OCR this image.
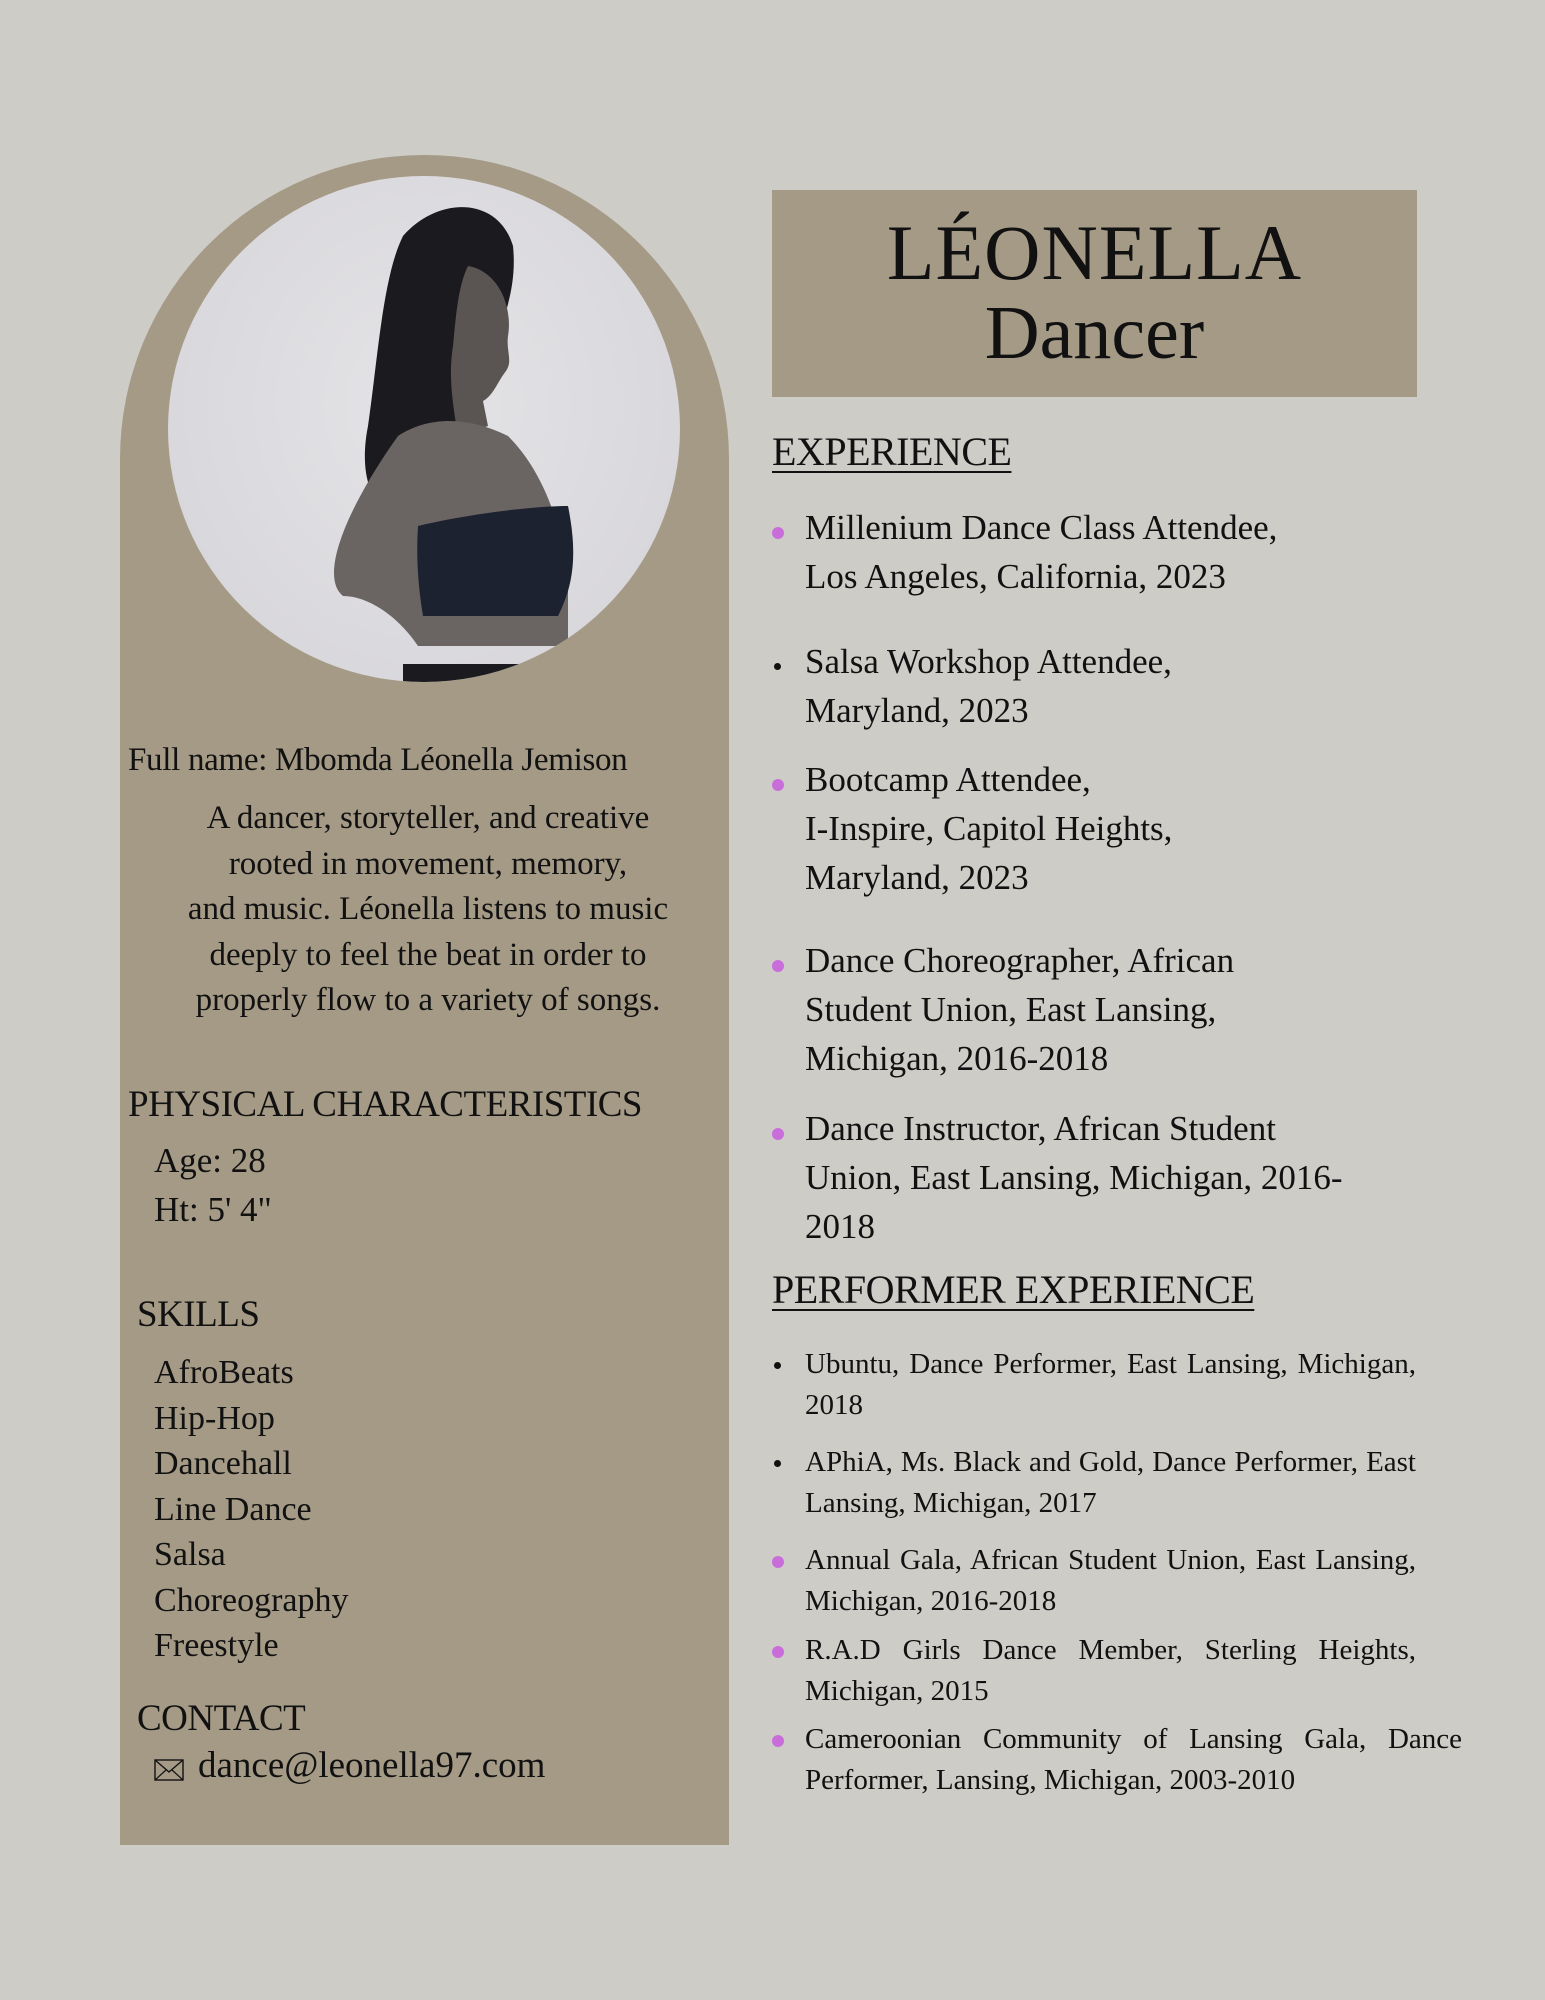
Full name: Mbomda Léonella Jemison
A dancer, storyteller, and creative
rooted in movement, memory,
and music. Léonella listens to music
deeply to feel the beat in order to
properly flow to a variety of songs.
PHYSICAL CHARACTERISTICS
Age: 28
Ht: 5' 4"
SKILLS
AfroBeats
Hip-Hop
Dancehall
Line Dance
Salsa
Choreography
Freestyle
CONTACT
dance@leonella97.com
LÉONELLA
Dancer
EXPERIENCE
Millenium Dance Class Attendee,
Los Angeles, California, 2023
Salsa Workshop Attendee,
Maryland, 2023
Bootcamp Attendee,
I-Inspire, Capitol Heights,
Maryland, 2023
Dance Choreographer, African
Student Union, East Lansing,
Michigan, 2016-2018
Dance Instructor, African Student
Union, East Lansing, Michigan, 2016-
2018
PERFORMER EXPERIENCE
Ubuntu, Dance Performer, East Lansing, Michigan, 2018
APhiA, Ms. Black and Gold, Dance Performer, East Lansing, Michigan, 2017
Annual Gala, African Student Union, East Lansing, Michigan, 2016-2018
R.A.D Girls Dance Member, Sterling Heights, Michigan, 2015
Cameroonian Community of Lansing Gala, Dance Performer, Lansing, Michigan, 2003-2010
